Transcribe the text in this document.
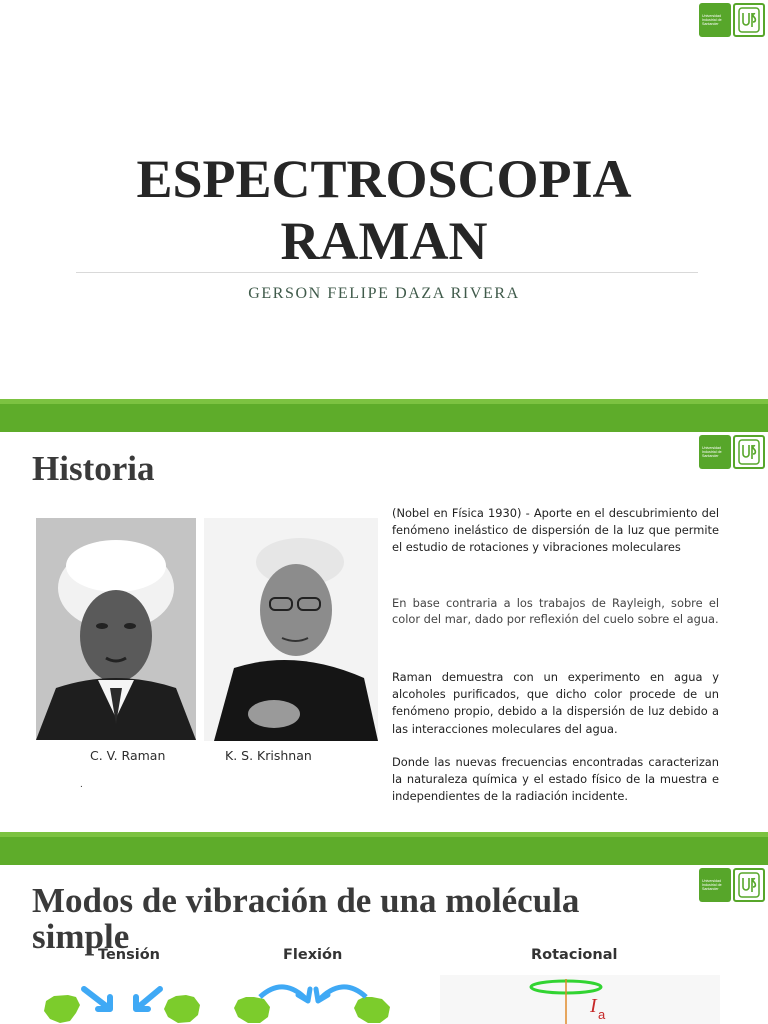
Universidad
Industrial de
Santander
ESPECTROSCOPIA
RAMAN
GERSON FELIPE DAZA RIVERA
Universidad
Industrial de
Santander
Historia
C. V. Raman	K. S. Krishnan
.

(Nobel en Física 1930) - Aporte en el descubrimiento del fenómeno inelástico de dispersión de la luz que permite el estudio de rotaciones y vibraciones moleculares

En base contraria a los trabajos de Rayleigh, sobre el color del mar, dado por reflexión del cuelo sobre el agua.

Raman demuestra con un experimento en agua y alcoholes purificados, que dicho color procede de un fenómeno propio, debido a la dispersión de luz debido a las interacciones moleculares del agua.

Donde las nuevas frecuencias encontradas caracterizan la naturaleza química y el estado físico de la muestra e independientes de la radiación incidente.

Universidad
Industrial de
Santander
Tensión	Flexión	Rotacional
Modos de vibración de una molécula simple
I a
